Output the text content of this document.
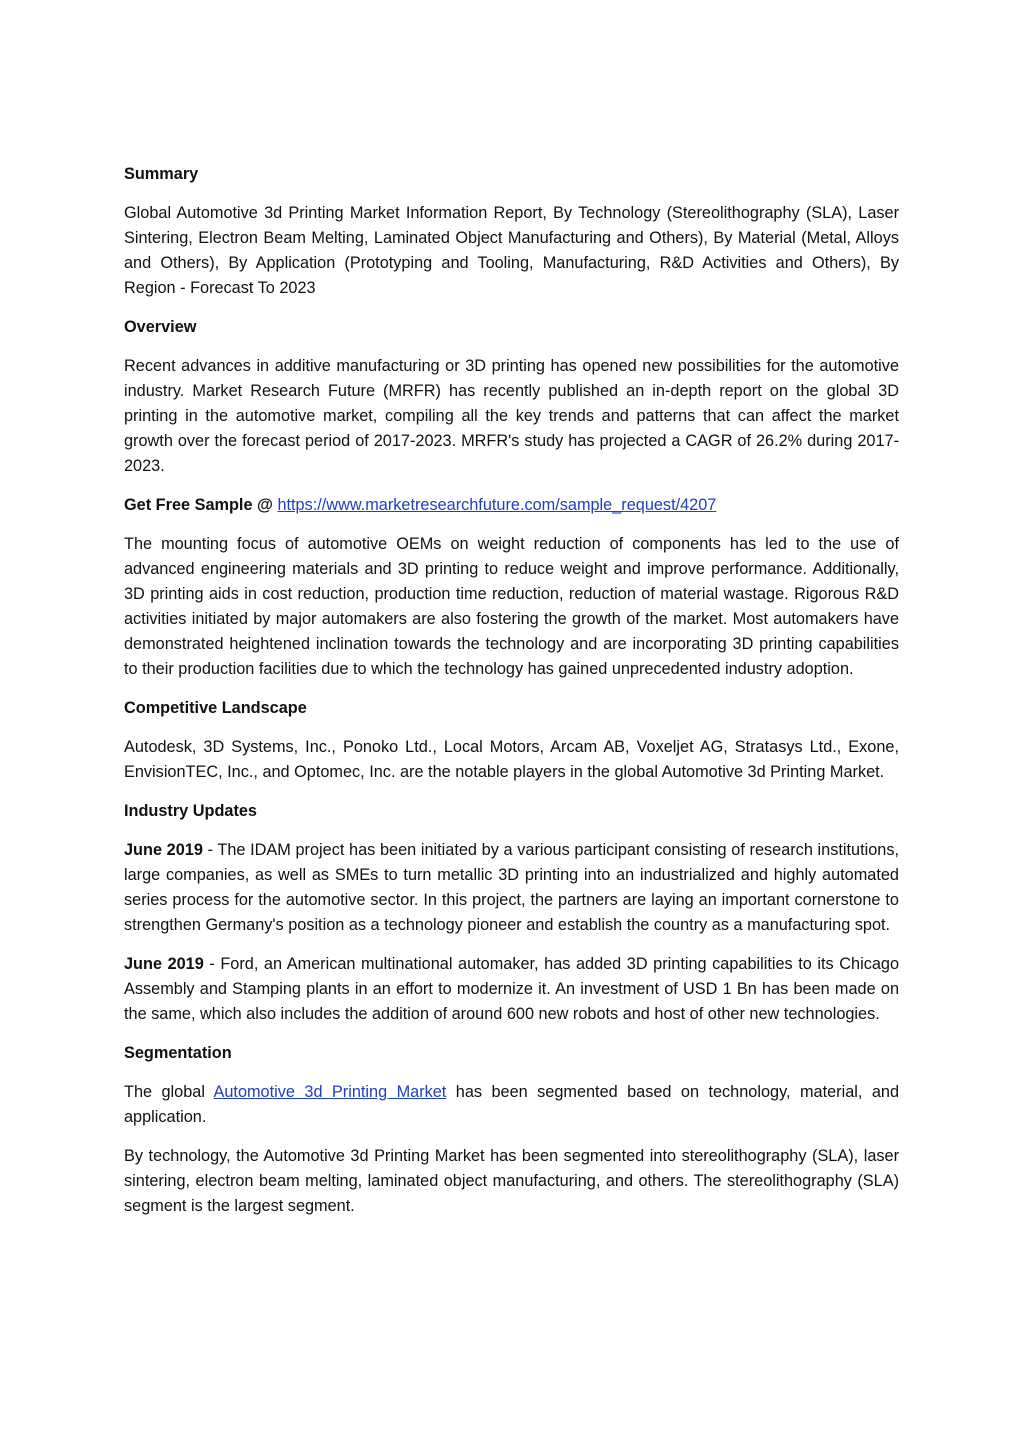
Summary

Global Automotive 3d Printing Market Information Report, By Technology (Stereolithography (SLA), Laser Sintering, Electron Beam Melting, Laminated Object Manufacturing and Others), By Material (Metal, Alloys and Others), By Application (Prototyping and Tooling, Manufacturing, R&D Activities and Others), By Region - Forecast To 2023

Overview

Recent advances in additive manufacturing or 3D printing has opened new possibilities for the automotive industry. Market Research Future (MRFR) has recently published an in-depth report on the global 3D printing in the automotive market, compiling all the key trends and patterns that can affect the market growth over the forecast period of 2017-2023. MRFR's study has projected a CAGR of 26.2% during 2017-2023.

Get Free Sample @ https://www.marketresearchfuture.com/sample_request/4207

The mounting focus of automotive OEMs on weight reduction of components has led to the use of advanced engineering materials and 3D printing to reduce weight and improve performance. Additionally, 3D printing aids in cost reduction, production time reduction, reduction of material wastage. Rigorous R&D activities initiated by major automakers are also fostering the growth of the market. Most automakers have demonstrated heightened inclination towards the technology and are incorporating 3D printing capabilities to their production facilities due to which the technology has gained unprecedented industry adoption.

Competitive Landscape

Autodesk, 3D Systems, Inc., Ponoko Ltd., Local Motors, Arcam AB, Voxeljet AG, Stratasys Ltd., Exone, EnvisionTEC, Inc., and Optomec, Inc. are the notable players in the global Automotive 3d Printing Market.

Industry Updates

June 2019 - The IDAM project has been initiated by a various participant consisting of research institutions, large companies, as well as SMEs to turn metallic 3D printing into an industrialized and highly automated series process for the automotive sector. In this project, the partners are laying an important cornerstone to strengthen Germany's position as a technology pioneer and establish the country as a manufacturing spot.

June 2019 - Ford, an American multinational automaker, has added 3D printing capabilities to its Chicago Assembly and Stamping plants in an effort to modernize it. An investment of USD 1 Bn has been made on the same, which also includes the addition of around 600 new robots and host of other new technologies.

Segmentation

The global Automotive 3d Printing Market has been segmented based on technology, material, and application.

By technology, the Automotive 3d Printing Market has been segmented into stereolithography (SLA), laser sintering, electron beam melting, laminated object manufacturing, and others. The stereolithography (SLA) segment is the largest segment.
